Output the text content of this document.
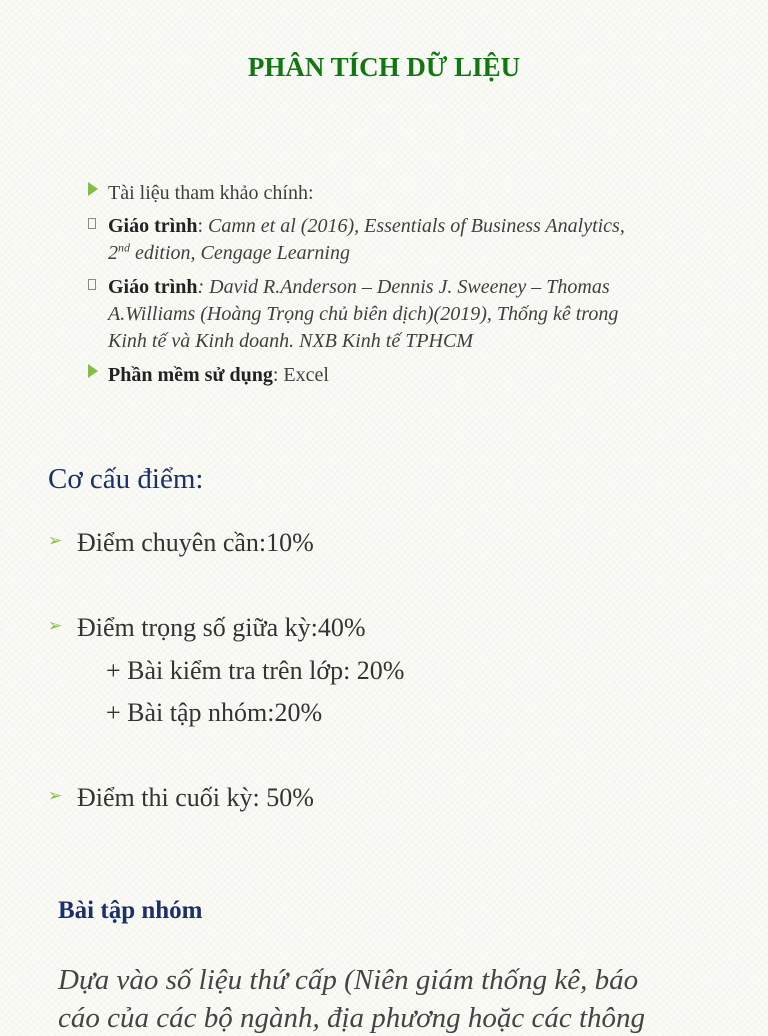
PHÂN TÍCH DỮ LIỆU
Tài liệu tham khảo chính:
Giáo trình: Camn et al (2016), Essentials of Business Analytics,
2nd edition, Cengage Learning
Giáo trình: David R.Anderson – Dennis J. Sweeney – Thomas
A.Williams (Hoàng Trọng chủ biên dịch)(2019), Thống kê trong
Kinh tế và Kinh doanh. NXB Kinh tế TPHCM
Phần mềm sử dụng: Excel
Cơ cấu điểm:
➢ Điểm chuyên cần:10%
➢ Điểm trọng số giữa kỳ:40%
+ Bài kiểm tra trên lớp: 20%
+ Bài tập nhóm:20%
➢ Điểm thi cuối kỳ: 50%
Bài tập nhóm
Dựa vào số liệu thứ cấp (Niên giám thống kê, báo
cáo của các bộ ngành, địa phương hoặc các thông
